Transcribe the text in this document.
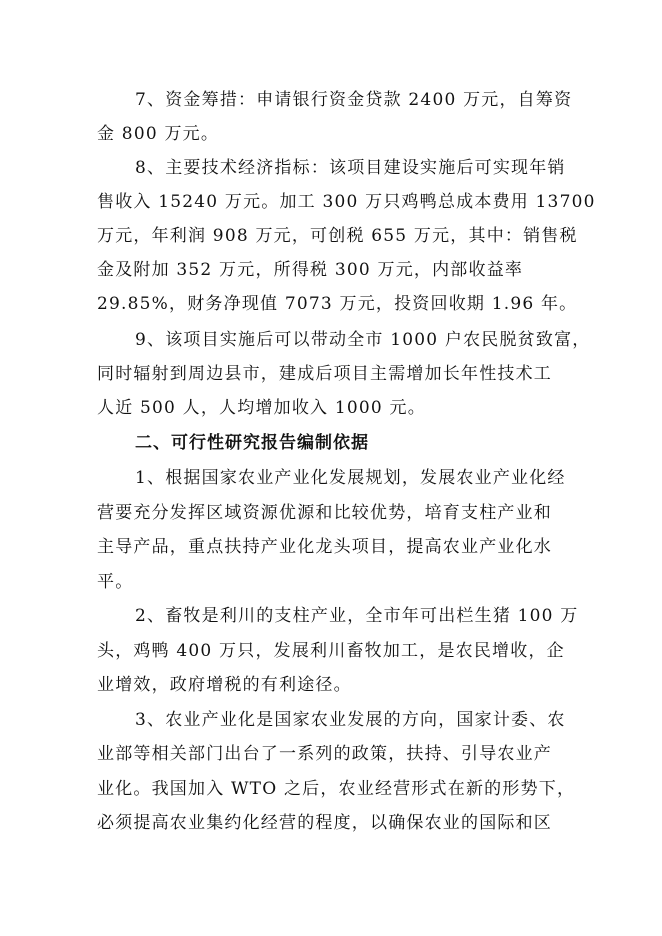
7、资金筹措：申请银行资金贷款 2400 万元，自筹资
金 800 万元。
8、主要技术经济指标：该项目建设实施后可实现年销
售收入 15240 万元。加工 300 万只鸡鸭总成本费用 13700
万元，年利润 908 万元，可创税 655 万元，其中：销售税
金及附加 352 万元，所得税 300 万元，内部收益率
29.85%，财务净现值 7073 万元，投资回收期 1.96 年。
9、该项目实施后可以带动全市 1000 户农民脱贫致富，
同时辐射到周边县市，建成后项目主需增加长年性技术工
人近 500 人，人均增加收入 1000 元。
二、可行性研究报告编制依据
1、根据国家农业产业化发展规划，发展农业产业化经
营要充分发挥区域资源优源和比较优势，培育支柱产业和
主导产品，重点扶持产业化龙头项目，提高农业产业化水
平。
2、畜牧是利川的支柱产业，全市年可出栏生猪 100 万
头，鸡鸭 400 万只，发展利川畜牧加工，是农民增收，企
业增效，政府增税的有利途径。
3、农业产业化是国家农业发展的方向，国家计委、农
业部等相关部门出台了一系列的政策，扶持、引导农业产
业化。我国加入 WTO 之后，农业经营形式在新的形势下，
必须提高农业集约化经营的程度，以确保农业的国际和区
